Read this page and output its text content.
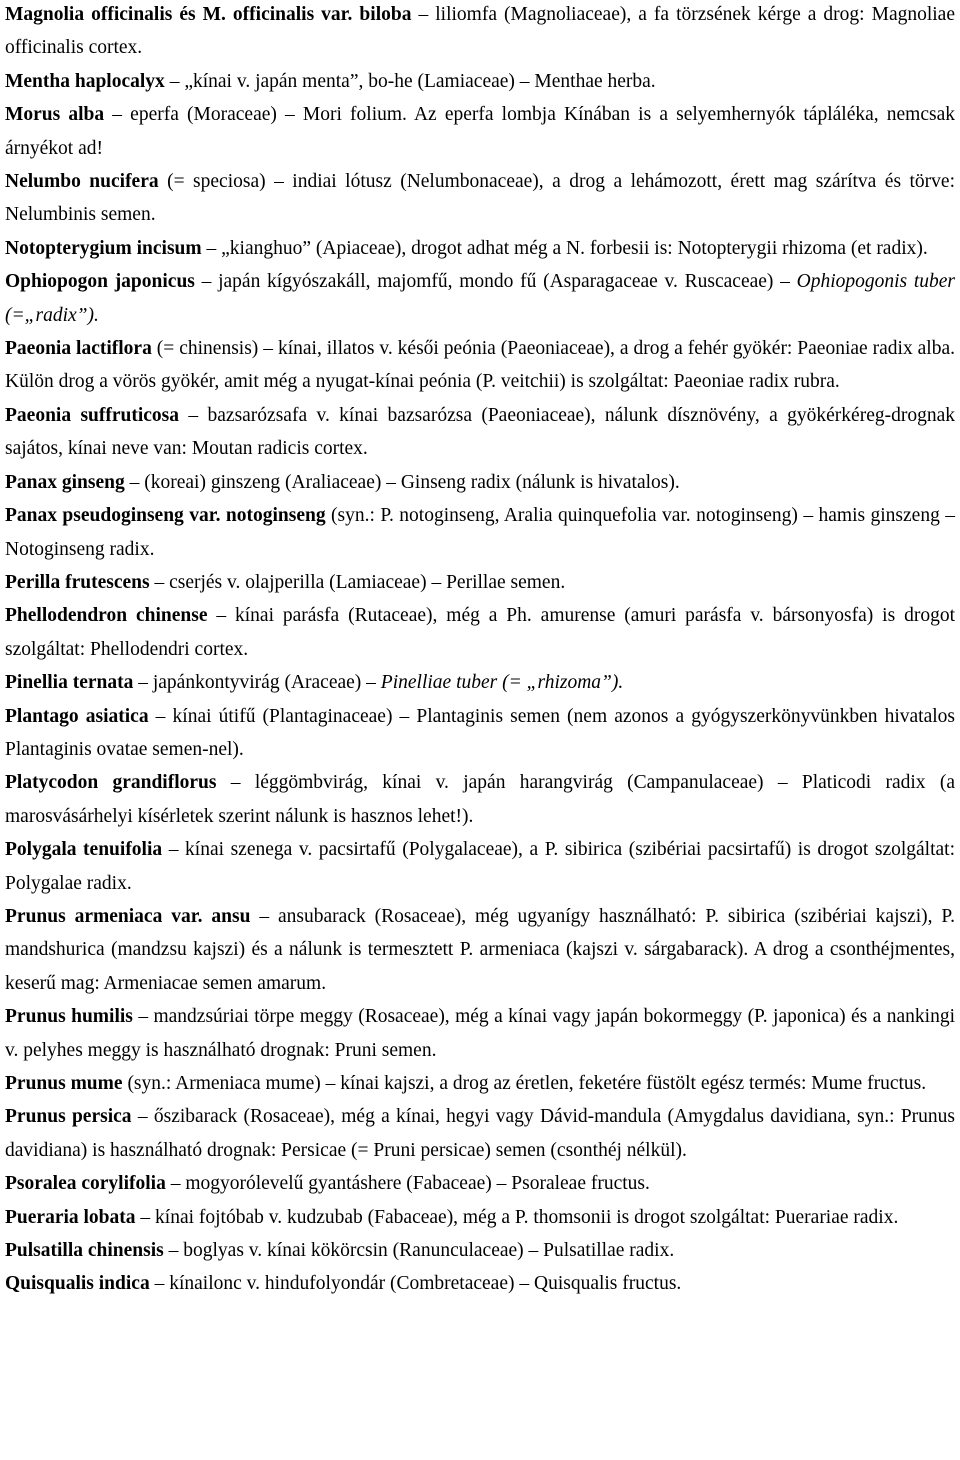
Magnolia officinalis és M. officinalis var. biloba – liliomfa (Magnoliaceae), a fa törzsének kérge a drog: Magnoliae officinalis cortex.

Mentha haplocalyx – „kínai v. japán menta”, bo-he (Lamiaceae) – Menthae herba.

Morus alba – eperfa (Moraceae) – Mori folium. Az eperfa lombja Kínában is a selyemhernyók tápláléka, nemcsak árnyékot ad!

Nelumbo nucifera (= speciosa) – indiai lótusz (Nelumbonaceae), a drog a lehámozott, érett mag szárítva és törve: Nelumbinis semen.

Notopterygium incisum – „kianghuo” (Apiaceae), drogot adhat még a N. forbesii is: Notopterygii rhizoma (et radix).

Ophiopogon japonicus – japán kígyószakáll, majomfű, mondo fű (Asparagaceae v. Ruscaceae) – Ophiopogonis tuber (=„radix”).

Paeonia lactiflora (= chinensis) – kínai, illatos v. késői peónia (Paeoniaceae), a drog a fehér gyökér: Paeoniae radix alba. Külön drog a vörös gyökér, amit még a nyugat-kínai peónia (P. veitchii) is szolgáltat: Paeoniae radix rubra.

Paeonia suffruticosa – bazsarózsafa v. kínai bazsarózsa (Paeoniaceae), nálunk dísznövény, a gyökérkéreg-drognak sajátos, kínai neve van: Moutan radicis cortex.

Panax ginseng – (koreai) ginszeng (Araliaceae) – Ginseng radix (nálunk is hivatalos).

Panax pseudoginseng var. notoginseng (syn.: P. notoginseng, Aralia quinquefolia var. notoginseng) – hamis ginszeng – Notoginseng radix.

Perilla frutescens – cserjés v. olajperilla (Lamiaceae) – Perillae semen.

Phellodendron chinense – kínai parásfa (Rutaceae), még a Ph. amurense (amuri parásfa v. bársonyosfa) is drogot szolgáltat: Phellodendri cortex.

Pinellia ternata – japánkontyvirág (Araceae) – Pinelliae tuber (= „rhizoma”).

Plantago asiatica – kínai útifű (Plantaginaceae) – Plantaginis semen (nem azonos a gyógyszerkönyvünkben hivatalos Plantaginis ovatae semen-nel).

Platycodon grandiflorus – léggömbvirág, kínai v. japán harangvirág (Campanulaceae) – Platicodi radix (a marosvásárhelyi kísérletek szerint nálunk is hasznos lehet!).

Polygala tenuifolia – kínai szenega v. pacsirtafű (Polygalaceae), a P. sibirica (szibériai pacsirtafű) is drogot szolgáltat: Polygalae radix.

Prunus armeniaca var. ansu – ansubarack (Rosaceae), még ugyanígy használható: P. sibirica (szibériai kajszi), P. mandshurica (mandzsu kajszi) és a nálunk is termesztett P. armeniaca (kajszi v. sárgabarack). A drog a csonthéjmentes, keserű mag: Armeniacae semen amarum.

Prunus humilis – mandzsúriai törpe meggy (Rosaceae), még a kínai vagy japán bokormeggy (P. japonica) és a nankingi v. pelyhes meggy is használható drognak: Pruni semen.

Prunus mume (syn.: Armeniaca mume) – kínai kajszi, a drog az éretlen, feketére füstölt egész termés: Mume fructus.

Prunus persica – őszibarack (Rosaceae), még a kínai, hegyi vagy Dávid-mandula (Amygdalus davidiana, syn.: Prunus davidiana) is használható drognak: Persicae (= Pruni persicae) semen (csonthéj nélkül).

Psoralea corylifolia – mogyorólevelű gyantáshere (Fabaceae) – Psoraleae fructus.

Pueraria lobata – kínai fojtóbab v. kudzubab (Fabaceae), még a P. thomsonii is drogot szolgáltat: Puerariae radix.

Pulsatilla chinensis – boglyas v. kínai kökörcsin (Ranunculaceae) – Pulsatillae radix.

Quisqualis indica – kínailonc v. hindufolyondár (Combretaceae) – Quisqualis fructus.
